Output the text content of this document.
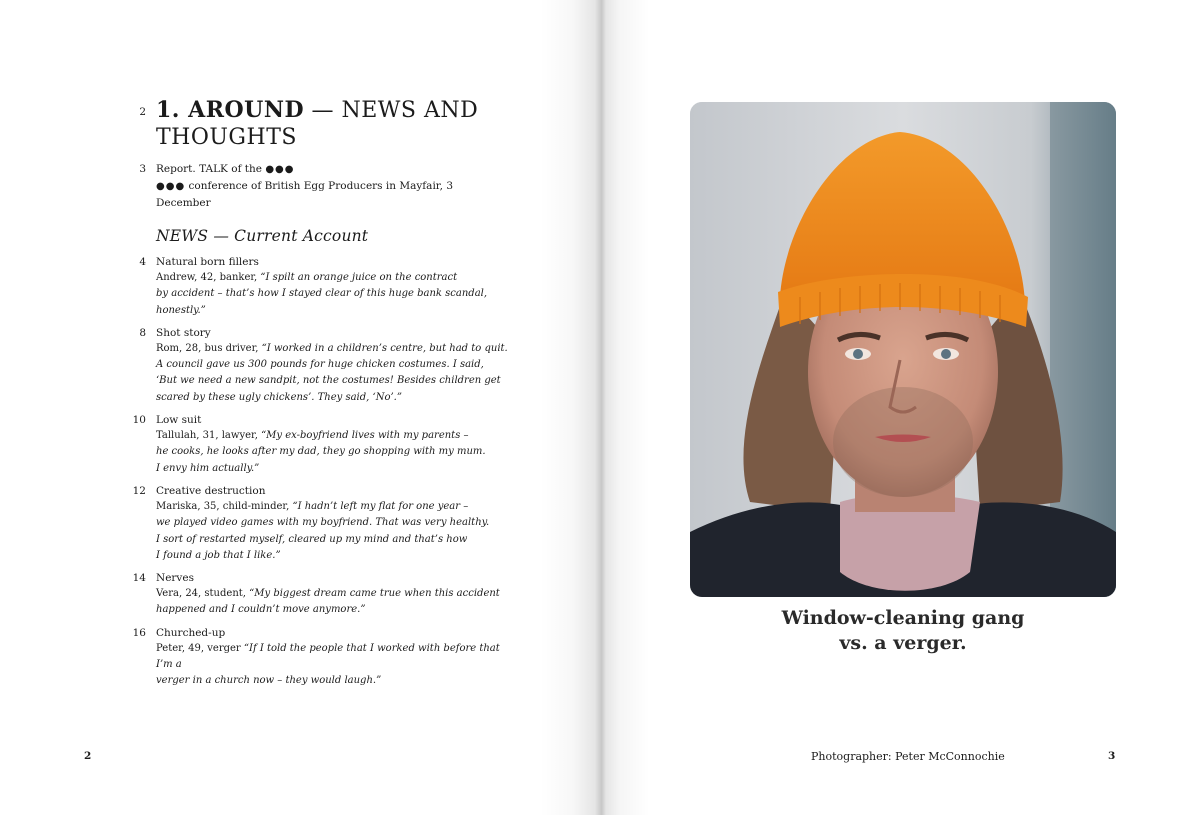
2 1. AROUND — NEWS AND
THOUGHTS

3 Report. TALK of the ●●●
●●● conference of British Egg Producers in Mayfair, 3 December
NEWS — Current Account
4 Natural born fillers
Andrew, 42, banker, “I spilt an orange juice on the contract
by accident – that’s how I stayed clear of this huge bank scandal,
honestly.”
8 Shot story
Rom, 28, bus driver, “I worked in a children’s centre, but had to quit.
A council gave us 300 pounds for huge chicken costumes. I said,
‘But we need a new sandpit, not the costumes! Besides children get
scared by these ugly chickens’. They said, ‘No’.”
10 Low suit
Tallulah, 31, lawyer, “My ex-boyfriend lives with my parents –
he cooks, he looks after my dad, they go shopping with my mum.
I envy him actually.”
12 Creative destruction
Mariska, 35, child-minder, “I hadn’t left my flat for one year –
we played video games with my boyfriend. That was very healthy.
I sort of restarted myself, cleared up my mind and that’s how
I found a job that I like.”
14 Nerves
Vera, 24, student, “My biggest dream came true when this accident
happened and I couldn’t move anymore.”
16 Churched-up
Peter, 49, verger “If I told the people that I worked with before that I’m a
verger in a church now – they would laugh.”
2
Window-cleaning gang
vs. a verger.
Photographer: Peter McConnochie	3
